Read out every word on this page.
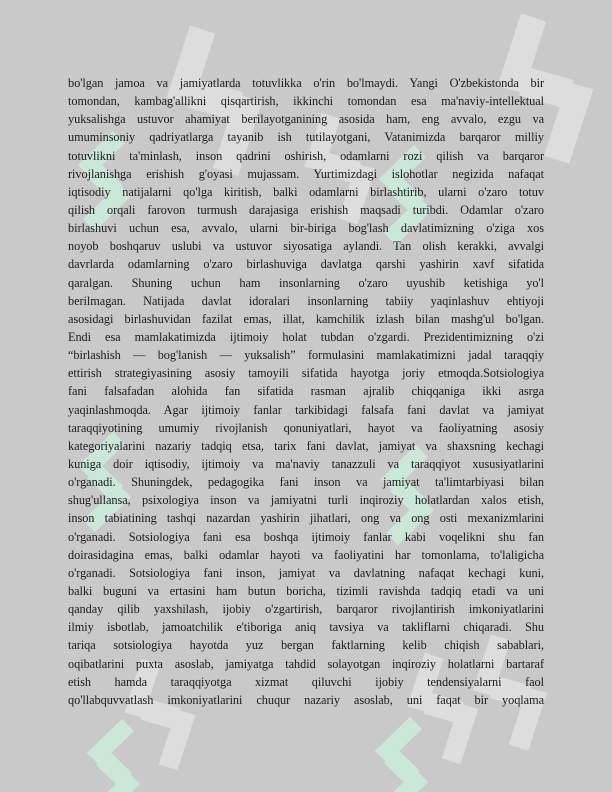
bo'lgan jamoa va jamiyatlarda totuvlikka o'rin bo'lmaydi. Yangi O'zbekistonda bir
tomondan, kambag'allikni qisqartirish, ikkinchi tomondan esa ma'naviy-intellektual
yuksalishga ustuvor ahamiyat berilayotganining asosida ham, eng avvalo, ezgu va
umuminsoniy qadriyatlarga tayanib ish tutilayotgani, Vatanimizda barqaror milliy
totuvlikni ta'minlash, inson qadrini oshirish, odamlarni rozi qilish va barqaror
rivojlanishga erishish g'oyasi mujassam. Yurtimizdagi islohotlar negizida nafaqat
iqtisodiy natijalarni qo'lga kiritish, balki odamlarni birlashtirib, ularni o'zaro totuv
qilish orqali farovon turmush darajasiga erishish maqsadi turibdi. Odamlar o'zaro
birlashuvi uchun esa, avvalo, ularni bir-biriga bog'lash davlatimizning o'ziga xos
noyob boshqaruv uslubi va ustuvor siyosatiga aylandi. Tan olish kerakki, avvalgi
davrlarda odamlarning o'zaro birlashuviga davlatga qarshi yashirin xavf sifatida
qaralgan. Shuning uchun ham insonlarning o'zaro uyushib ketishiga yo'l
berilmagan. Natijada davlat idoralari insonlarning tabiiy yaqinlashuv ehtiyoji
asosidagi birlashuvidan fazilat emas, illat, kamchilik izlash bilan mashg'ul bo'lgan.
Endi esa mamlakatimizda ijtimoiy holat tubdan o'zgardi. Prezidentimizning o'zi
“birlashish — bog'lanish — yuksalish” formulasini mamlakatimizni jadal taraqqiy
ettirish strategiyasining asosiy tamoyili sifatida hayotga joriy etmoqda.Sotsiologiya
fani falsafadan alohida fan sifatida rasman ajralib chiqqaniga ikki asrga
yaqinlashmoqda. Agar ijtimoiy fanlar tarkibidagi falsafa fani davlat va jamiyat
taraqqiyotining umumiy rivojlanish qonuniyatlari, hayot va faoliyatning asosiy
kategoriyalarini nazariy tadqiq etsa, tarix fani davlat, jamiyat va shaxsning kechagi
kuniga doir iqtisodiy, ijtimoiy va ma'naviy tanazzuli va taraqqiyot xususiyatlarini
o'rganadi. Shuningdek, pedagogika fani inson va jamiyat ta'limtarbiyasi bilan
shug'ullansa, psixologiya inson va jamiyatni turli inqiroziy holatlardan xalos etish,
inson tabiatining tashqi nazardan yashirin jihatlari, ong va ong osti mexanizmlarini
o'rganadi. Sotsiologiya fani esa boshqa ijtimoiy fanlar kabi voqelikni shu fan
doirasidagina emas, balki odamlar hayoti va faoliyatini har tomonlama, to'laligicha
o'rganadi. Sotsiologiya fani inson, jamiyat va davlatning nafaqat kechagi kuni,
balki buguni va ertasini ham butun boricha, tizimli ravishda tadqiq etadi va uni
qanday qilib yaxshilash, ijobiy o'zgartirish, barqaror rivojlantirish imkoniyatlarini
ilmiy isbotlab, jamoatchilik e'tiboriga aniq tavsiya va takliflarni chiqaradi. Shu
tariqa sotsiologiya hayotda yuz bergan faktlarning kelib chiqish sabablari,
oqibatlarini puxta asoslab, jamiyatga tahdid solayotgan inqiroziy holatlarni bartaraf
etish hamda taraqqiyotga xizmat qiluvchi ijobiy tendensiyalarni faol
qo'llabquvvatlash imkoniyatlarini chuqur nazariy asoslab, uni faqat bir yoqlama
